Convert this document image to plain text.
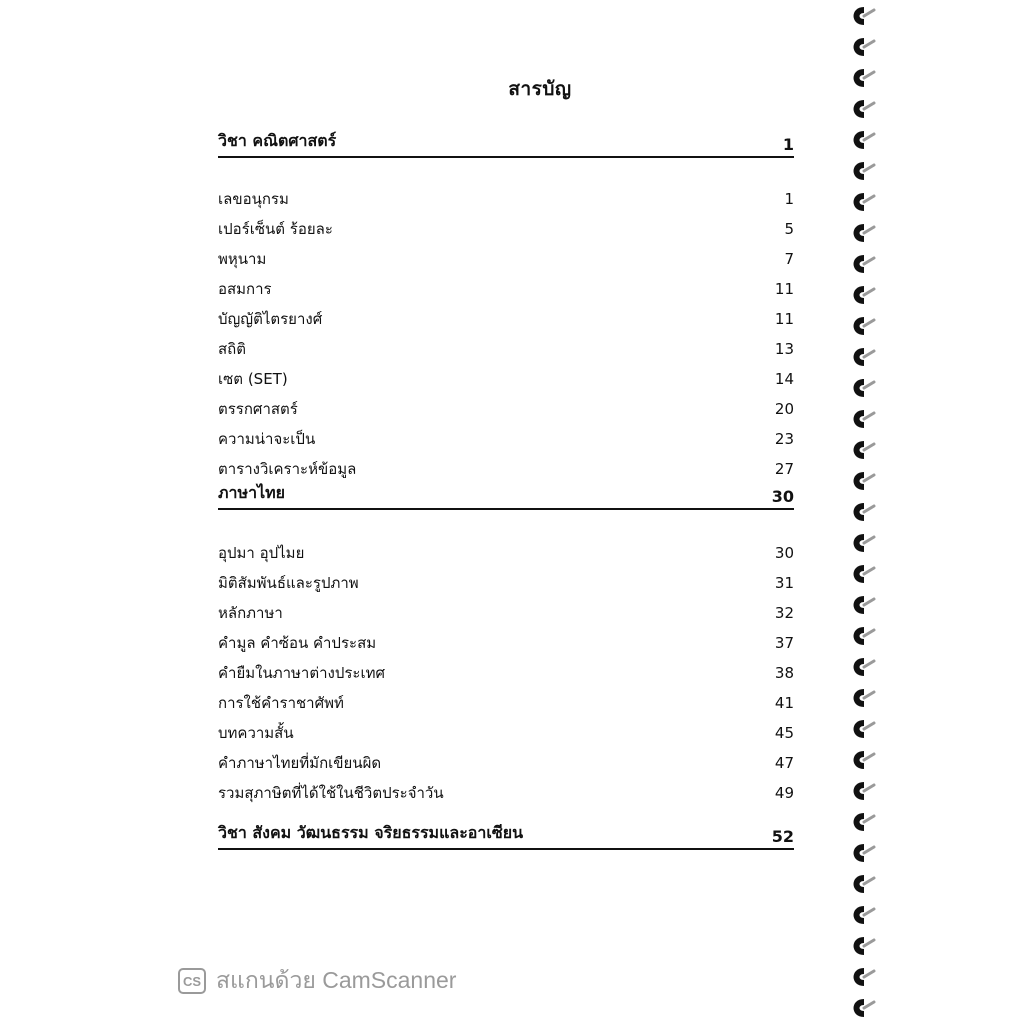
สารบัญ
วิชา คณิตศาสตร์	1
เลขอนุกรม	1
เปอร์เซ็นต์ ร้อยละ	5
พหุนาม	7
อสมการ	11
บัญญัติไตรยางศ์	11
สถิติ	13
เซต (SET)	14
ตรรกศาสตร์	20
ความน่าจะเป็น	23
ตารางวิเคราะห์ข้อมูล	27
ภาษาไทย	30
อุปมา อุปไมย	30
มิติสัมพันธ์และรูปภาพ	31
หลักภาษา	32
คำมูล คำซ้อน คำประสม	37
คำยืมในภาษาต่างประเทศ	38
การใช้คำราชาศัพท์	41
บทความสั้น	45
คำภาษาไทยที่มักเขียนผิด	47
รวมสุภาษิตที่ได้ใช้ในชีวิตประจำวัน	49
วิชา สังคม วัฒนธรรม จริยธรรมและอาเซียน	52
CS สแกนด้วย CamScanner
